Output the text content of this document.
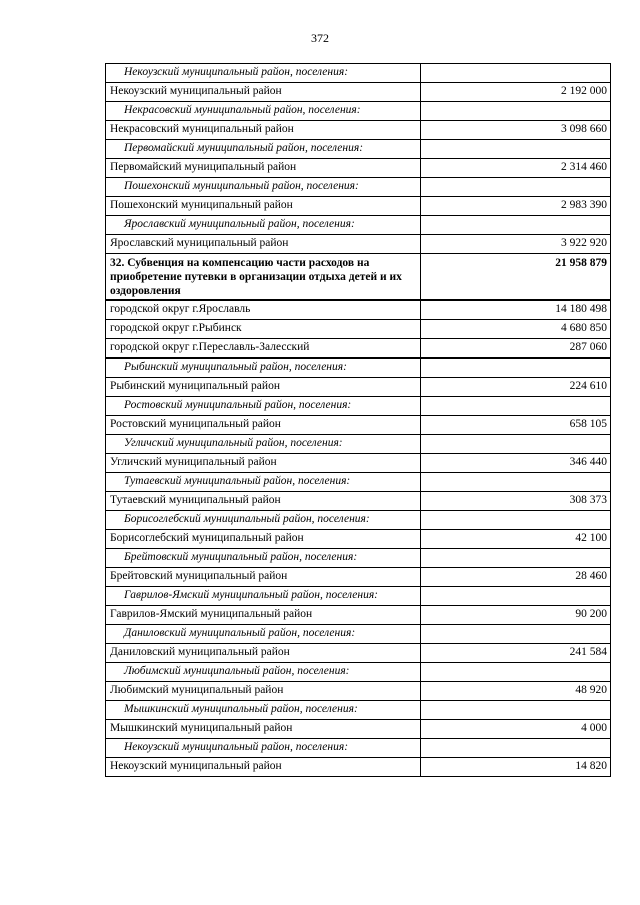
372
Некоузский муниципальный район, поселения:	
Некоузский муниципальный район	2 192 000
Некрасовский муниципальный район, поселения:	
Некрасовский муниципальный район	3 098 660
Первомайский муниципальный район, поселения:	
Первомайский муниципальный район	2 314 460
Пошехонский муниципальный район, поселения:	
Пошехонский муниципальный район	2 983 390
Ярославский муниципальный район, поселения:	
Ярославский муниципальный район	3 922 920
32. Субвенция на компенсацию части расходов на приобретение путевки в организации отдыха детей и их оздоровления	21 958 879
городской округ г.Ярославль	14 180 498
городской округ г.Рыбинск	4 680 850
городской округ г.Переславль-Залесский	287 060
Рыбинский муниципальный район, поселения:	
Рыбинский муниципальный район	224 610
Ростовский муниципальный район, поселения:	
Ростовский муниципальный район	658 105
Угличский муниципальный район, поселения:	
Угличский муниципальный район	346 440
Тутаевский муниципальный район, поселения:	
Тутаевский муниципальный район	308 373
Борисоглебский муниципальный район, поселения:	
Борисоглебский муниципальный район	42 100
Брейтовский муниципальный район, поселения:	
Брейтовский муниципальный район	28 460
Гаврилов-Ямский муниципальный район, поселения:	
Гаврилов-Ямский муниципальный район	90 200
Даниловский муниципальный район, поселения:	
Даниловский муниципальный район	241 584
Любимский муниципальный район, поселения:	
Любимский муниципальный район	48 920
Мышкинский муниципальный район, поселения:	
Мышкинский муниципальный район	4 000
Некоузский муниципальный район, поселения:	
Некоузский муниципальный район	14 820
